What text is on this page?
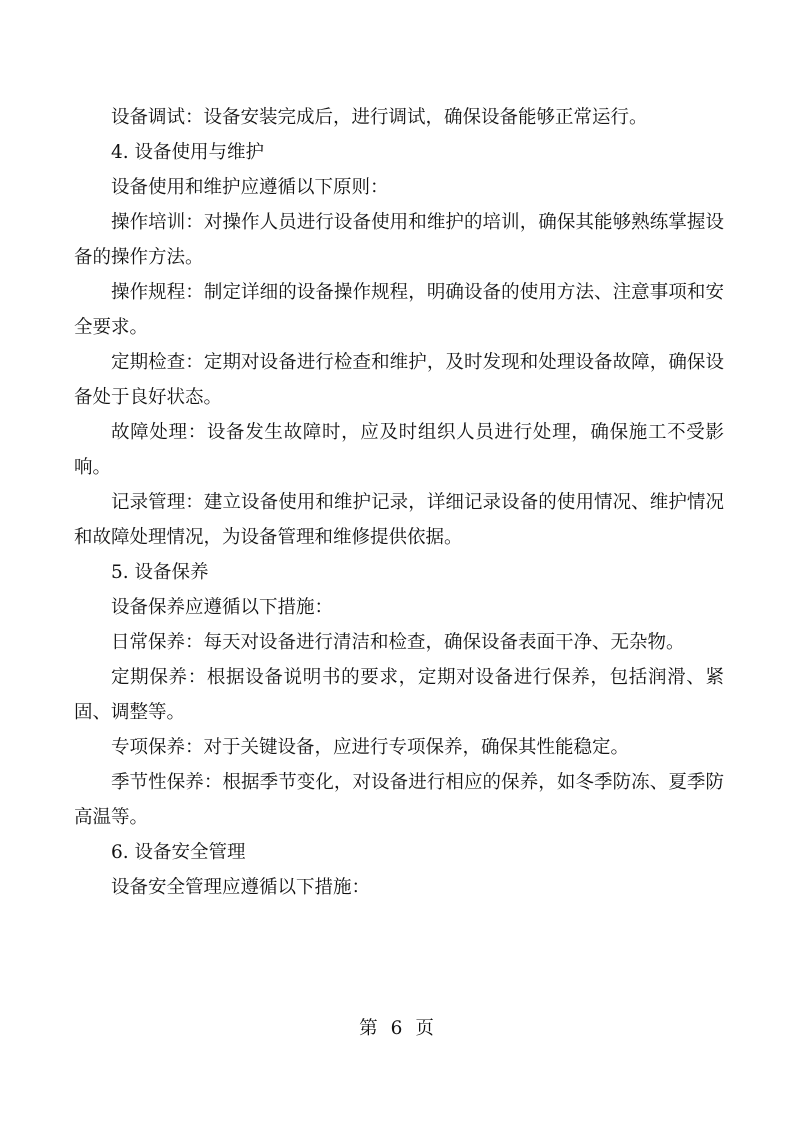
设备调试：设备安装完成后，进行调试，确保设备能够正常运行。

4. 设备使用与维护

设备使用和维护应遵循以下原则：

操作培训：对操作人员进行设备使用和维护的培训，确保其能够熟练掌握设备的操作方法。

操作规程：制定详细的设备操作规程，明确设备的使用方法、注意事项和安全要求。

定期检查：定期对设备进行检查和维护，及时发现和处理设备故障，确保设备处于良好状态。

故障处理：设备发生故障时，应及时组织人员进行处理，确保施工不受影响。

记录管理：建立设备使用和维护记录，详细记录设备的使用情况、维护情况和故障处理情况，为设备管理和维修提供依据。

5. 设备保养

设备保养应遵循以下措施：

日常保养：每天对设备进行清洁和检查，确保设备表面干净、无杂物。

定期保养：根据设备说明书的要求，定期对设备进行保养，包括润滑、紧固、调整等。

专项保养：对于关键设备，应进行专项保养，确保其性能稳定。

季节性保养：根据季节变化，对设备进行相应的保养，如冬季防冻、夏季防高温等。

6. 设备安全管理

设备安全管理应遵循以下措施：

第 6 页
